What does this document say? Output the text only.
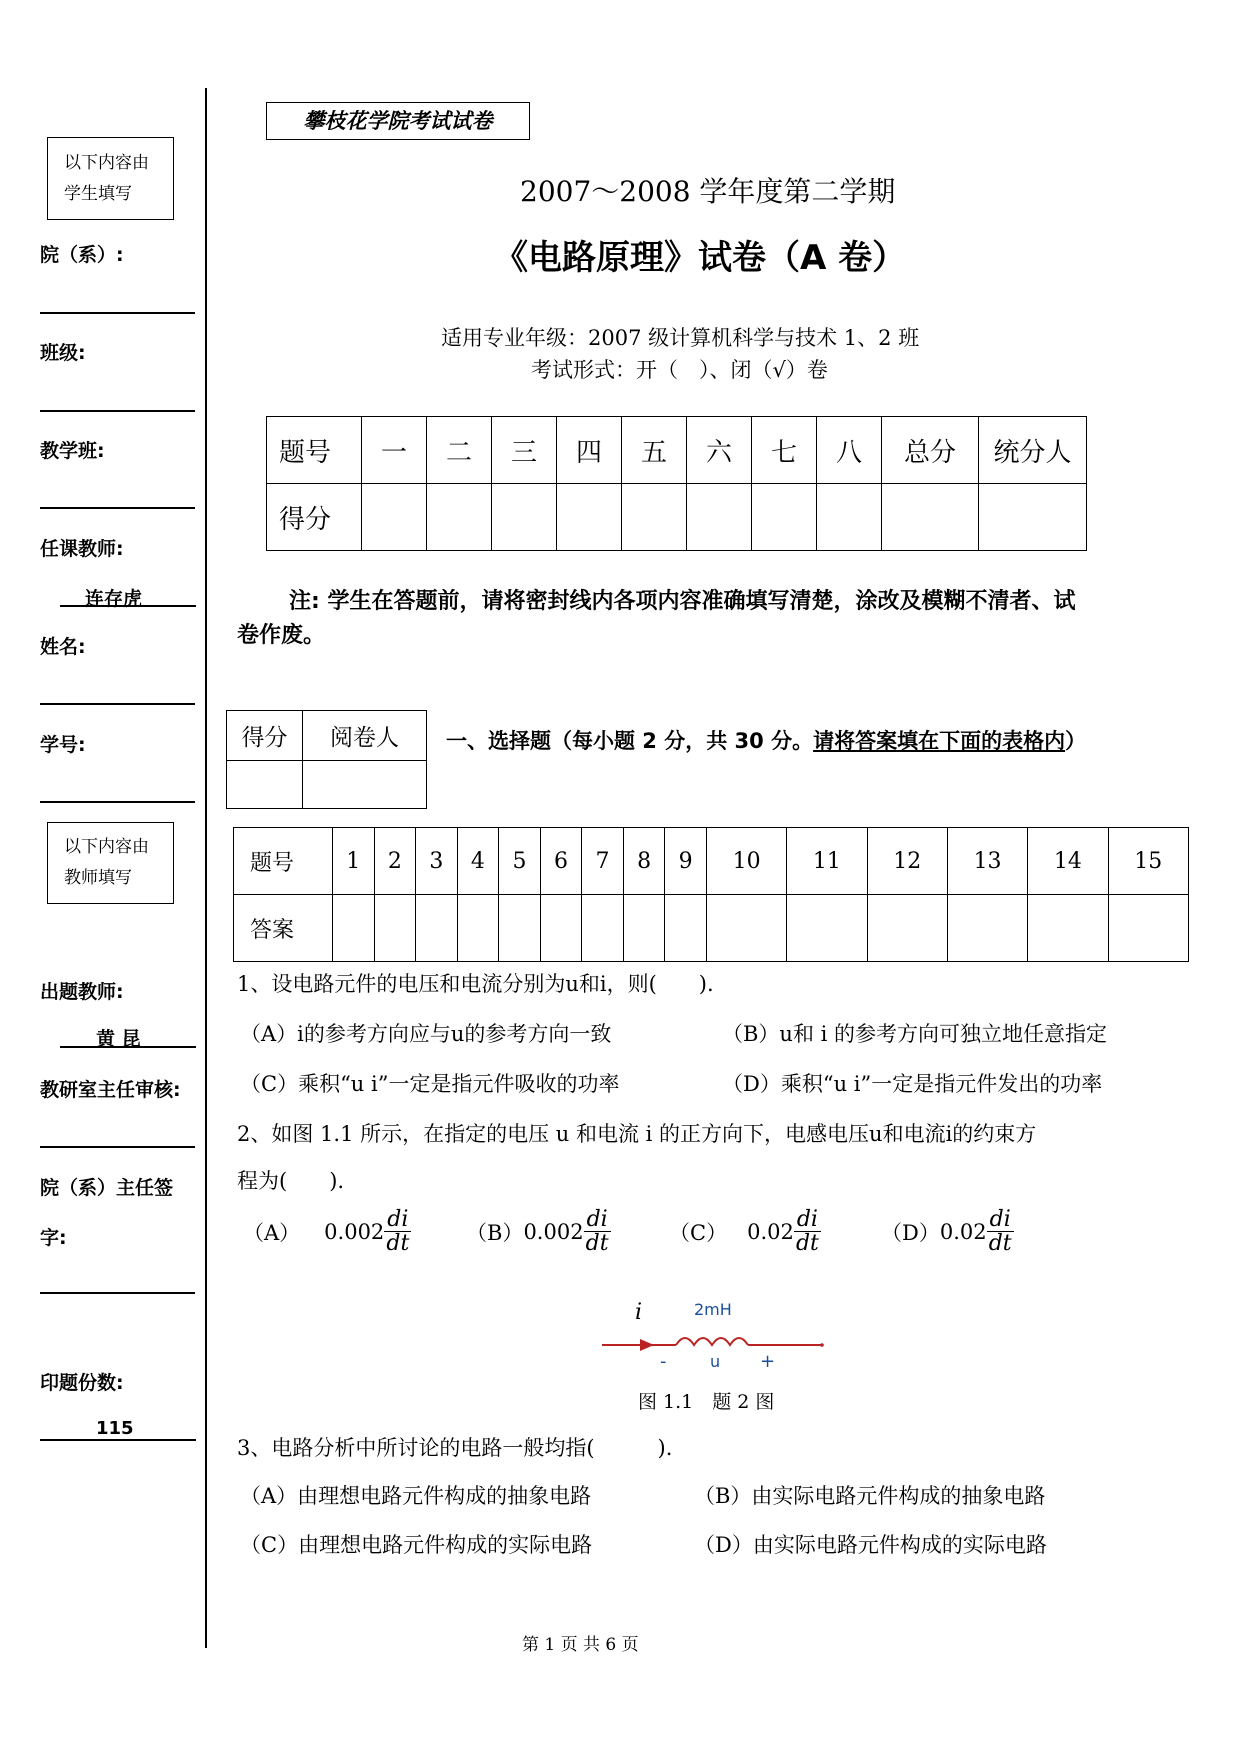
以下内容由
学生填写
院（系）:
班级:
教学班:
任课教师:
连存虎
姓名:
学号:
以下内容由
教师填写
出题教师:
黄 昆
教研室主任审核:
院（系）主任签
字:
印题份数:
115
攀枝花学院考试试卷
2007～2008 学年度第二学期
《电路原理》试卷（A 卷）
适用专业年级：2007 级计算机科学与技术 1、2 班
考试形式：开（　）、闭（√）卷
题号	一	二	三	四	五	六	七	八	总分	统分人
得分										
注: 学生在答题前，请将密封线内各项内容准确填写清楚，涂改及模糊不清者、试
卷作废。
得分	阅卷人
	一、选择题（每小题 2 分，共 30 分。请将答案填在下面的表格内）
题号	1	2	3	4	5	6	7	8	9	10	11	12	13	14	15
答案															
1、设电路元件的电压和电流分别为u和i，则(　　).
（A）i的参考方向应与u的参考方向一致	（B）u和 i 的参考方向可独立地任意指定
（C）乘积“u i”一定是指元件吸收的功率	（D）乘积“u i”一定是指元件发出的功率
2、如图 1.1 所示，在指定的电压 u 和电流 i 的正方向下，电感电压u和电流i的约束方
程为(　　).
（A） $0.002 \frac{di}{dt}$	（B） $0.002 \frac{di}{dt}$	（C） $0.02 \frac{di}{dt}$	（D） $0.02 \frac{di}{dt}$
i	2mH
-	u +
图 1.1　题 2 图
3、电路分析中所讨论的电路一般均指(　　　).
（A）由理想电路元件构成的抽象电路	（B）由实际电路元件构成的抽象电路
（C）由理想电路元件构成的实际电路	（D）由实际电路元件构成的实际电路
第 1 页 共 6 页
